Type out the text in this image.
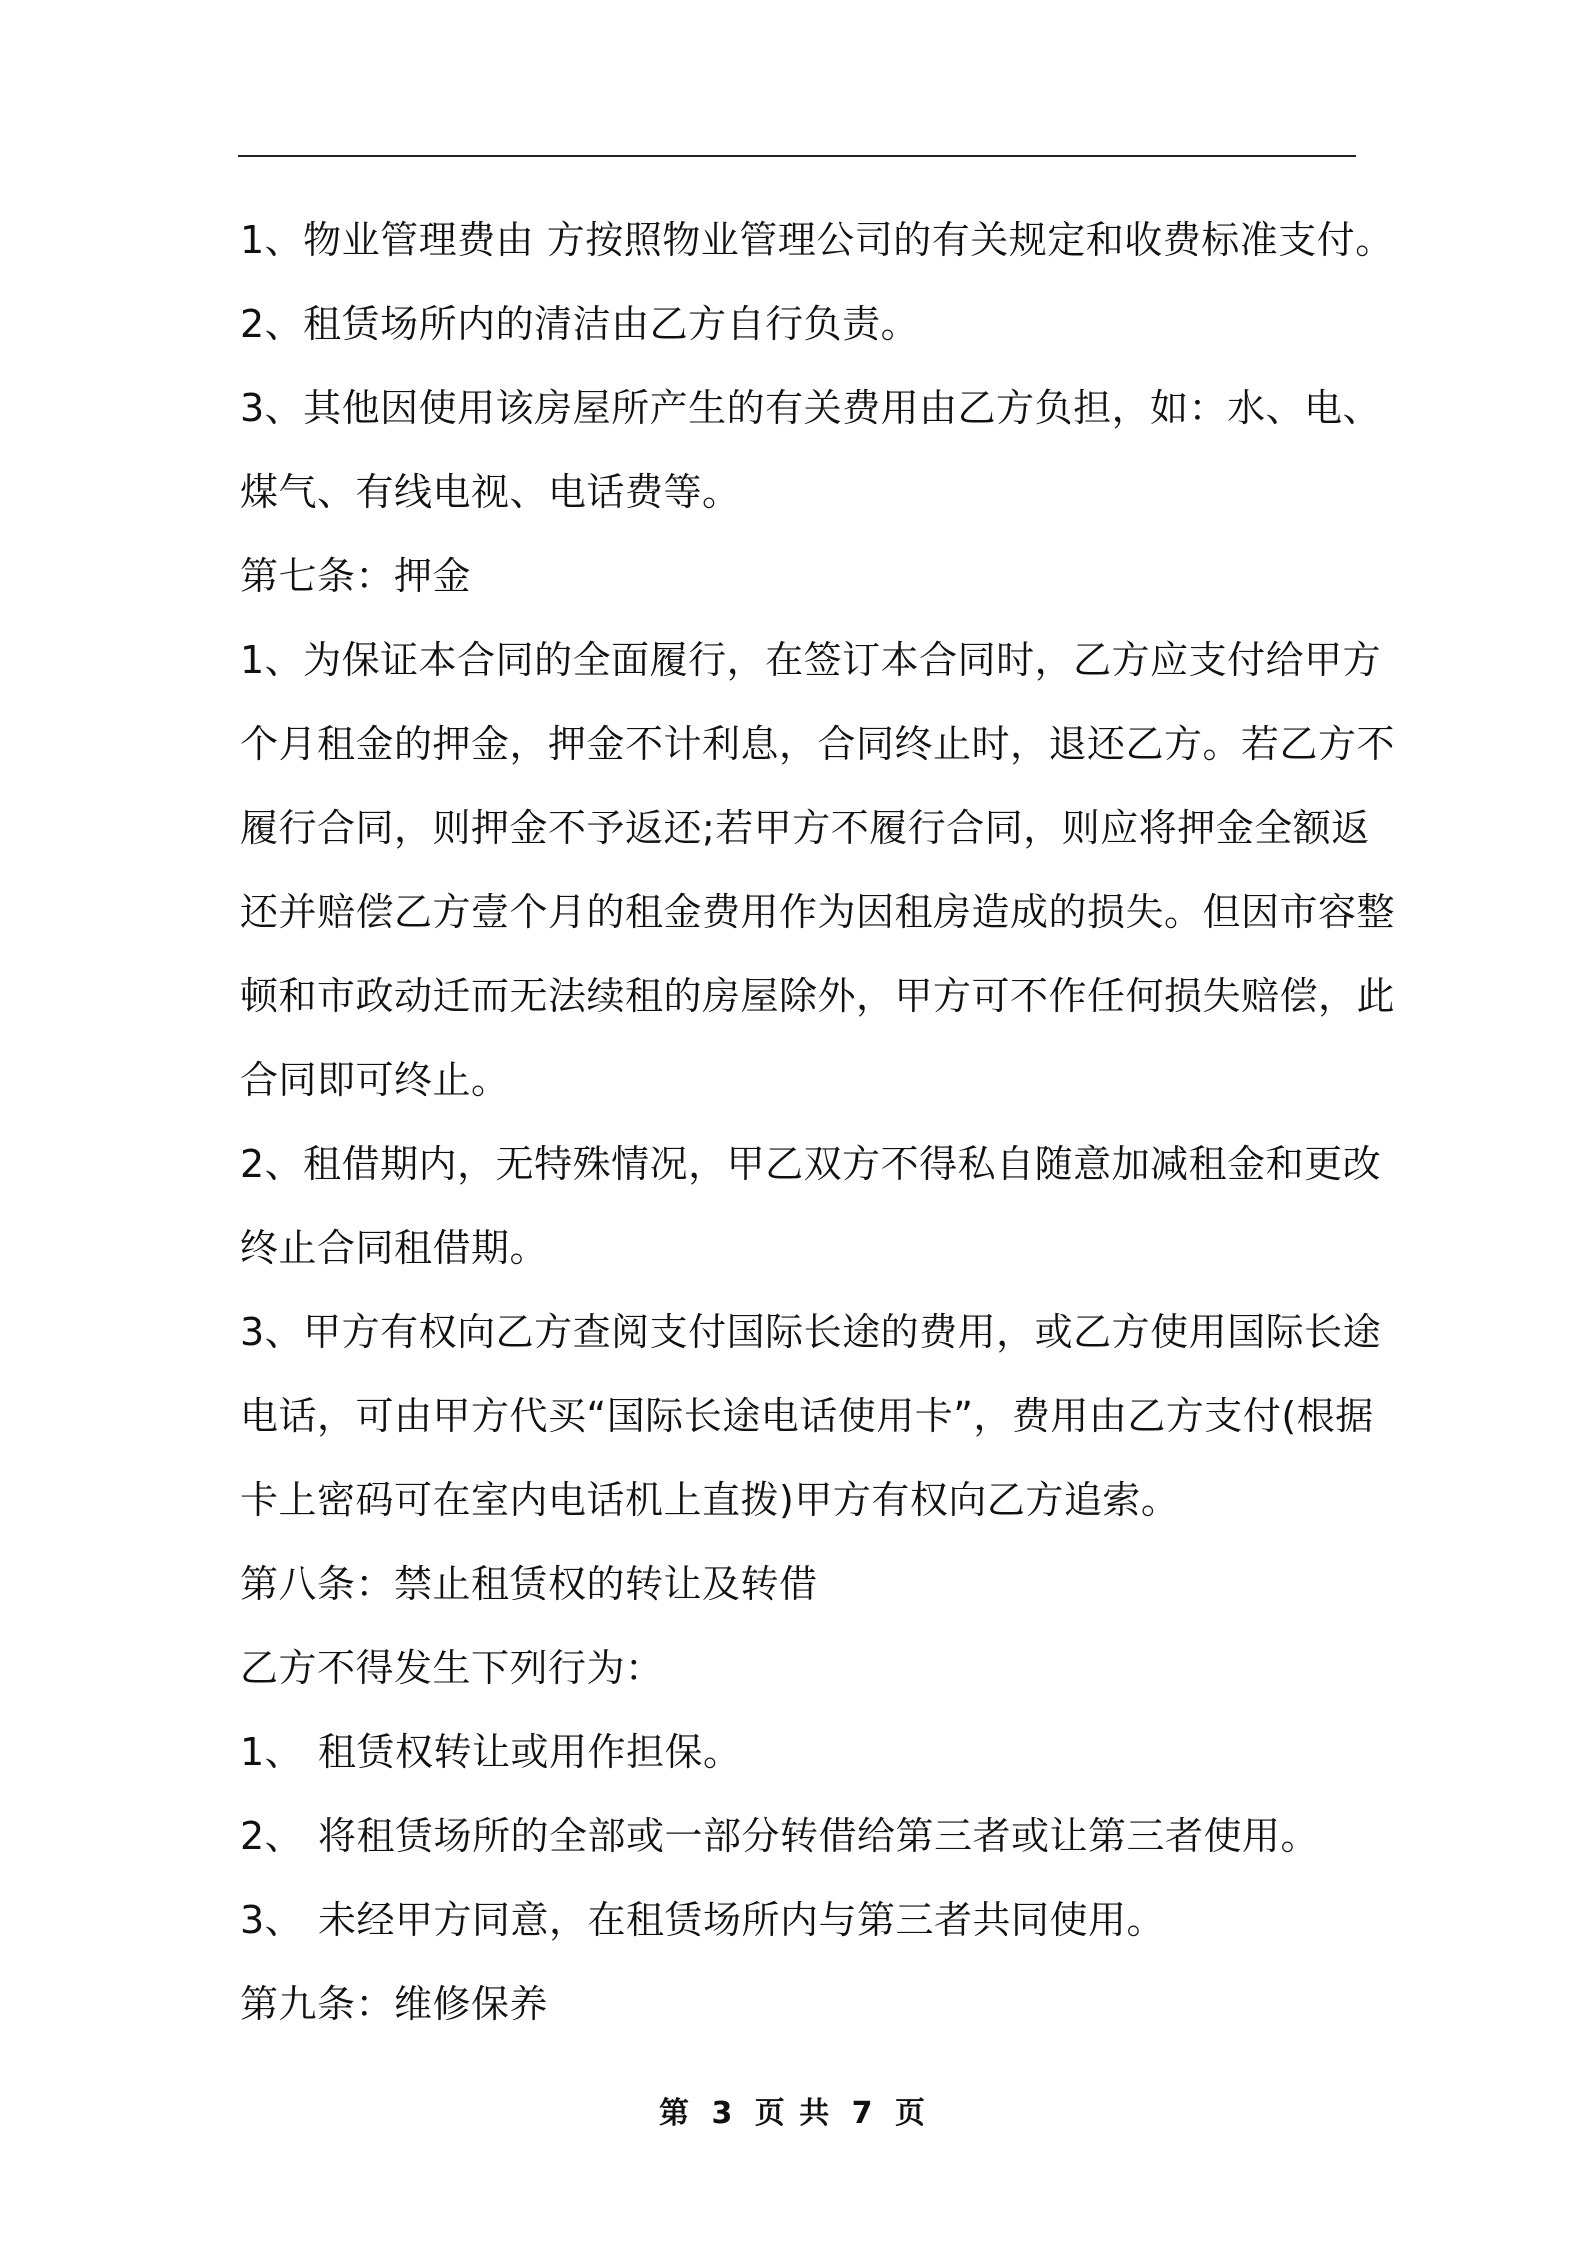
1、物业管理费由 方按照物业管理公司的有关规定和收费标准支付。
2、租赁场所内的清洁由乙方自行负责。
3、其他因使用该房屋所产生的有关费用由乙方负担，如：水、电、
煤气、有线电视、电话费等。
第七条：押金
1、为保证本合同的全面履行，在签订本合同时，乙方应支付给甲方
个月租金的押金，押金不计利息，合同终止时，退还乙方。若乙方不
履行合同，则押金不予返还;若甲方不履行合同，则应将押金全额返
还并赔偿乙方壹个月的租金费用作为因租房造成的损失。但因市容整
顿和市政动迁而无法续租的房屋除外，甲方可不作任何损失赔偿，此
合同即可终止。
2、租借期内，无特殊情况，甲乙双方不得私自随意加减租金和更改
终止合同租借期。
3、甲方有权向乙方查阅支付国际长途的费用，或乙方使用国际长途
电话，可由甲方代买“国际长途电话使用卡”，费用由乙方支付(根据
卡上密码可在室内电话机上直拨)甲方有权向乙方追索。
第八条：禁止租赁权的转让及转借
乙方不得发生下列行为：
1、 租赁权转让或用作担保。
2、 将租赁场所的全部或一部分转借给第三者或让第三者使用。
3、 未经甲方同意，在租赁场所内与第三者共同使用。
第九条：维修保养
第 3 页 共 7 页
